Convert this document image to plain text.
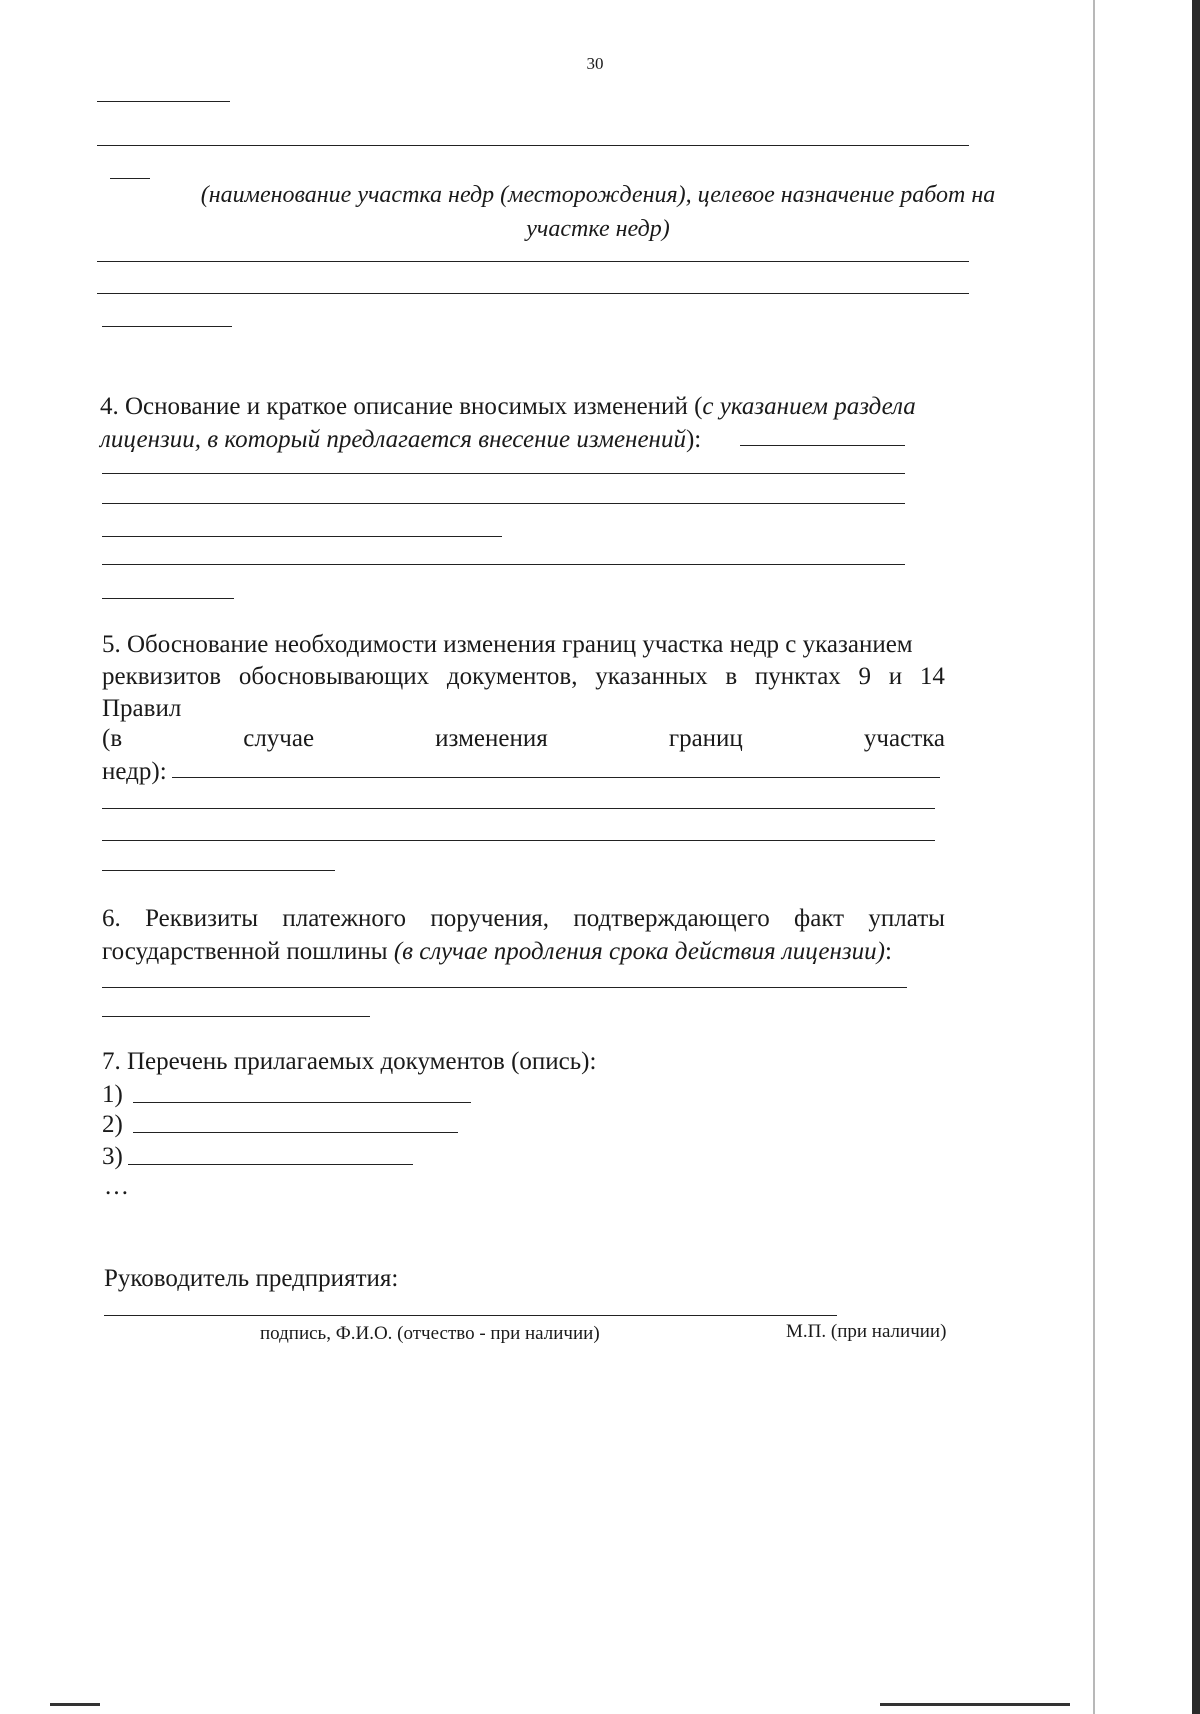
30
(наименование участка недр (месторождения), целевое назначение работ на
участке недр)
4. Основание и краткое описание вносимых изменений (с указанием раздела
лицензии, в который предлагается внесение изменений):
5. Обоснование необходимости изменения границ участка недр с указанием
реквизитов обосновывающих документов, указанных в пунктах 9 и 14
Правил
(в	случае	изменения	границ	участка
недр):
6. Реквизиты платежного поручения, подтверждающего факт уплаты
государственной пошлины (в случае продления срока действия лицензии):
7. Перечень прилагаемых документов (опись):
1)
2)
3)
…
Руководитель предприятия:
подпись, Ф.И.О. (отчество - при наличии)	М.П. (при наличии)
